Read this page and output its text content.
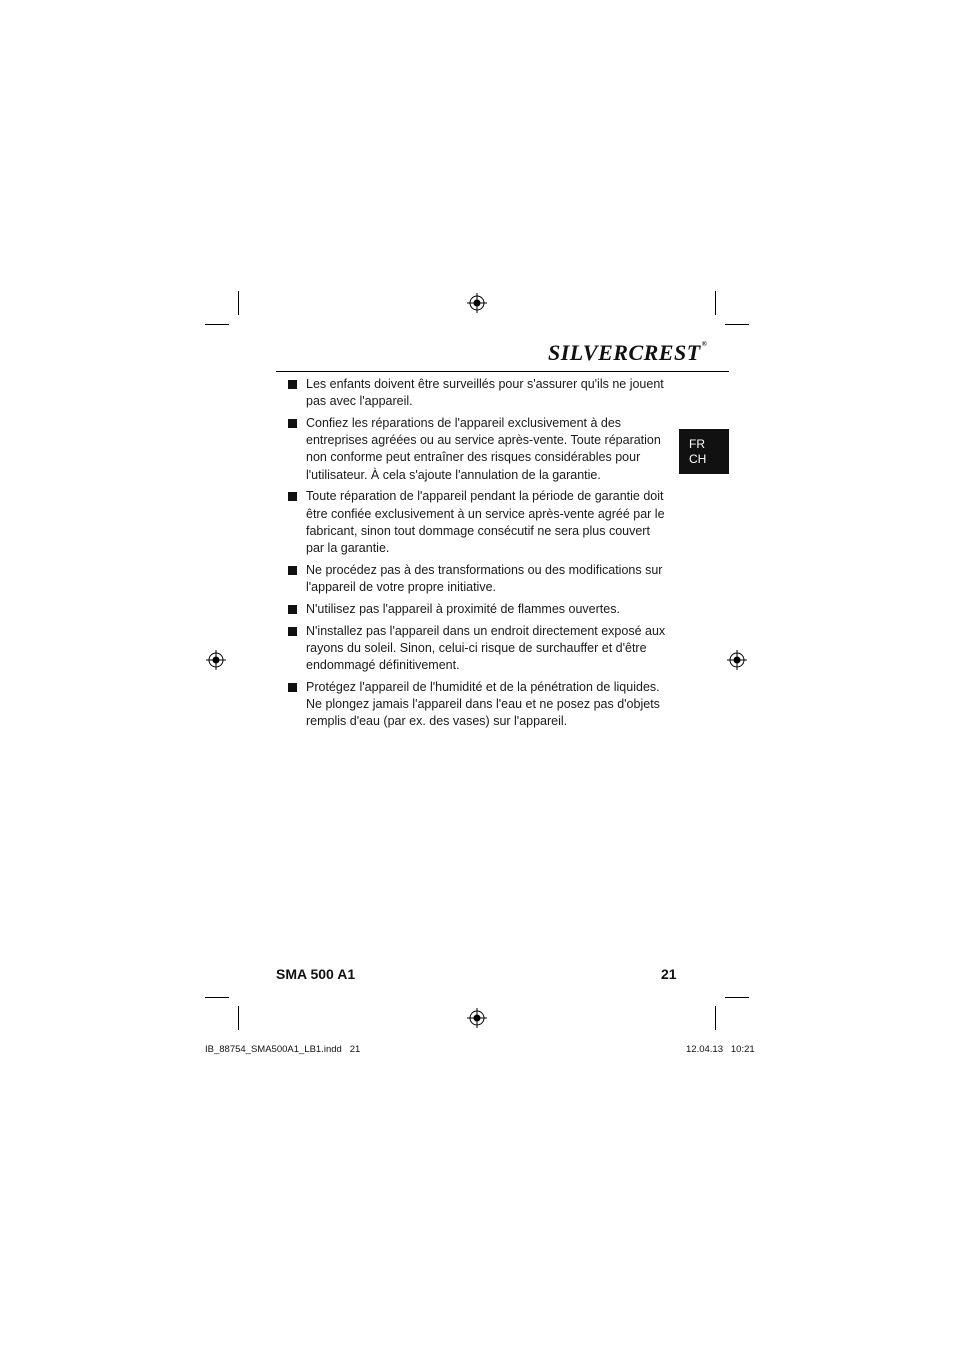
SILVERCREST®
FR
CH
Les enfants doivent être surveillés pour s'assurer qu'ils ne jouent pas avec l'appareil.
Confiez les réparations de l'appareil exclusivement à des entreprises agréées ou au service après-vente. Toute réparation non conforme peut entraîner des risques considérables pour l'utilisateur. À cela s'ajoute l'annulation de la garantie.
Toute réparation de l'appareil pendant la période de garantie doit être confiée exclusivement à un service après-vente agréé par le fabricant, sinon tout dommage consécutif ne sera plus couvert par la garantie.
Ne procédez pas à des transformations ou des modifications sur l'appareil de votre propre initiative.
N'utilisez pas l'appareil à proximité de flammes ouvertes.
N'installez pas l'appareil dans un endroit directement exposé aux rayons du soleil. Sinon, celui-ci risque de surchauffer et d'être endommagé définitivement.
Protégez l'appareil de l'humidité et de la pénétration de liquides. Ne plongez jamais l'appareil dans l'eau et ne posez pas d'objets remplis d'eau (par ex. des vases) sur l'appareil.
SMA 500 A1	21
IB_88754_SMA500A1_LB1.indd   21	12.04.13   10:21
